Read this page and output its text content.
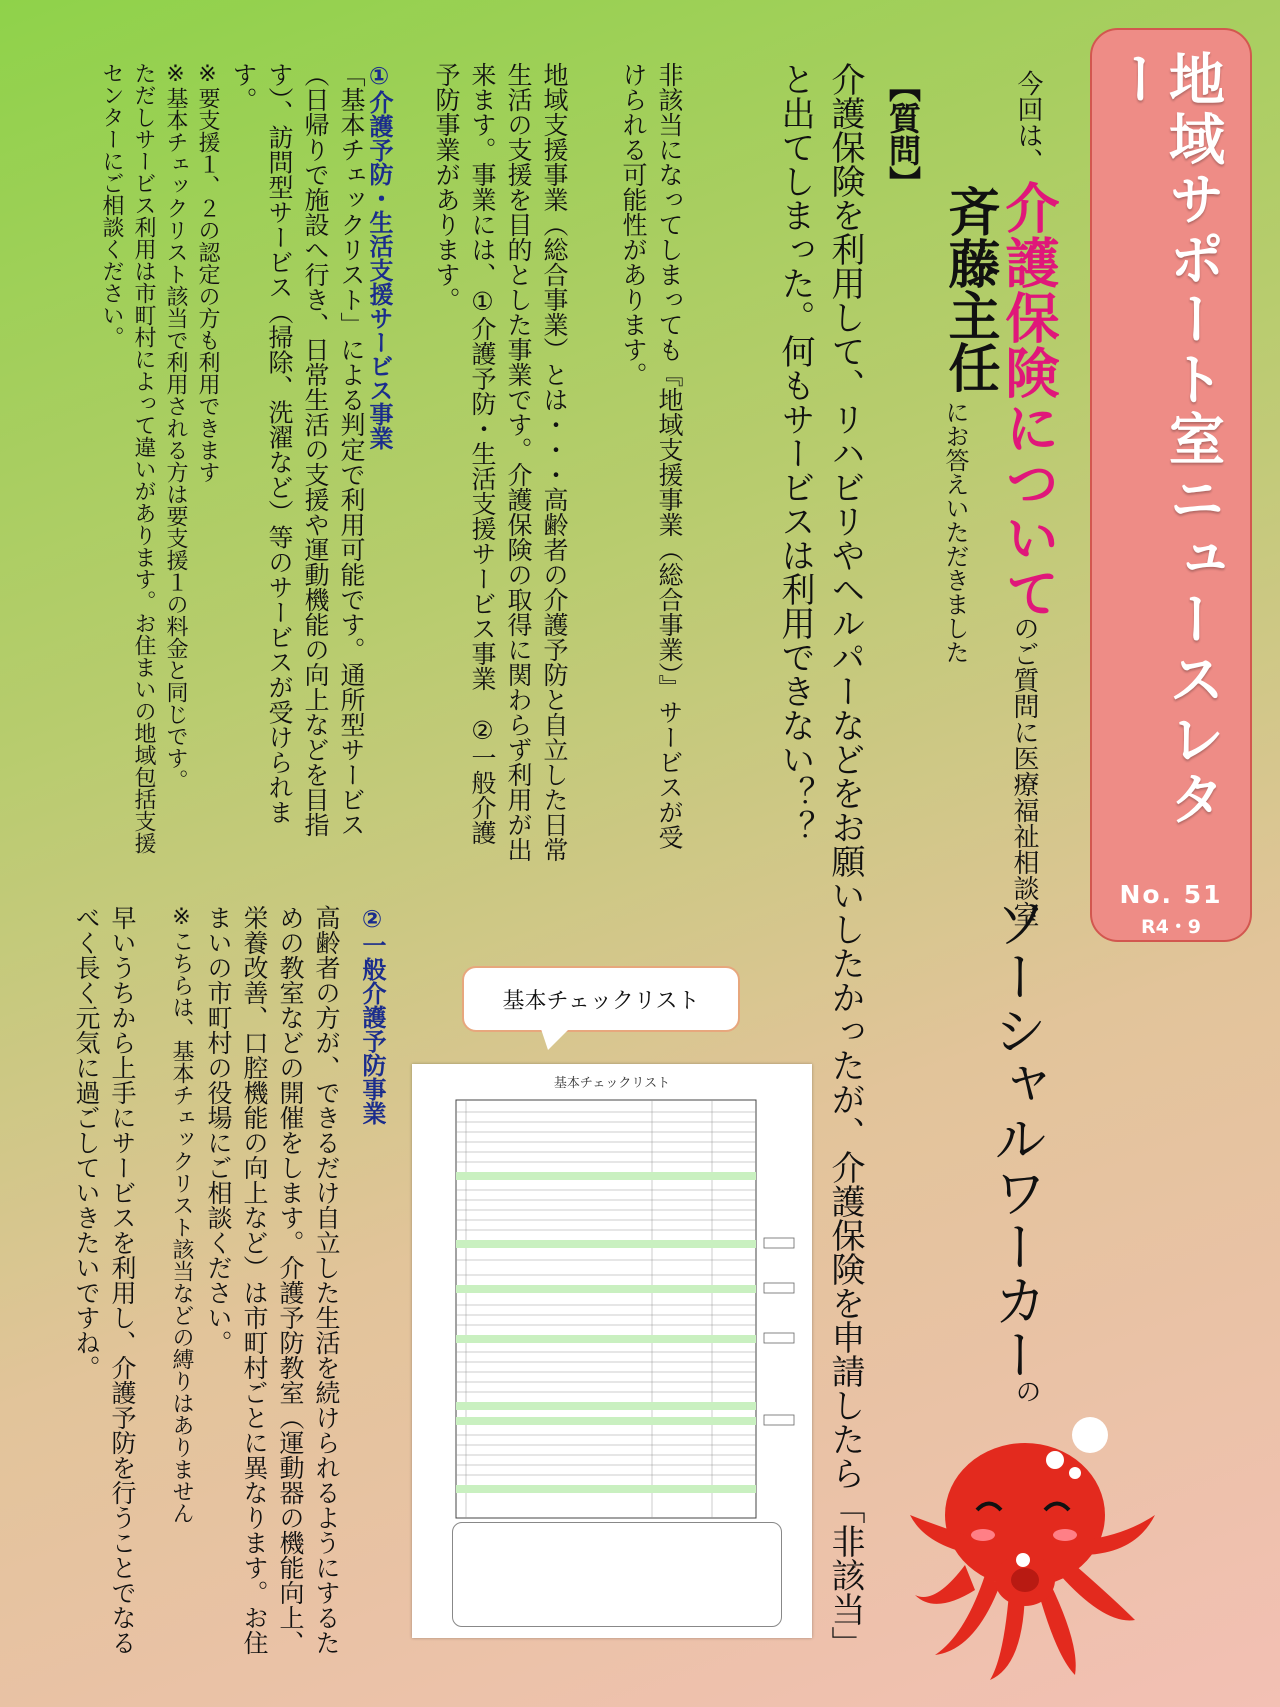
地域サポート室ニュースレター
No. 51
R4・9
今回は、
介護保険について
のご質問に医療福祉相談室
ソーシャルワーカー
の
斉藤主任
にお答えいただきました
【質問】
介護保険を利用して、リハビリやヘルパーなどをお願いしたかったが、介護保険を申請したら「非該当」と出てしまった。何もサービスは利用できない？？
非該当になってしまっても『地域支援事業（総合事業）』サービスが受けられる可能性があります。
地域支援事業（総合事業）とは・・・高齢者の介護予防と自立した日常生活の支援を目的とした事業です。介護保険の取得に関わらず利用が出来ます。事業には、①介護予防・生活支援サービス事業　②一般介護予防事業があります。
①介護予防・生活支援サービス事業
「基本チェックリスト」による判定で利用可能です。通所型サービス（日帰りで施設へ行き、日常生活の支援や運動機能の向上などを目指す）、訪問型サービス（掃除、洗濯など）等のサービスが受けられます。
※要支援１、２の認定の方も利用できます
※基本チェックリスト該当で利用される方は要支援１の料金と同じです。
ただしサービス利用は市町村によって違いがあります。お住まいの地域包括支援センターにご相談ください。
②一般介護予防事業
高齢者の方が、できるだけ自立した生活を続けられるようにするための教室などの開催をします。介護予防教室（運動器の機能向上、栄養改善、口腔機能の向上など）は市町村ごとに異なります。お住まいの市町村の役場にご相談ください。
※こちらは、基本チェックリスト該当などの縛りはありません
早いうちから上手にサービスを利用し、介護予防を行うことでなるべく長く元気に過ごしていきたいですね。	基本チェックリスト
基本チェックリスト
